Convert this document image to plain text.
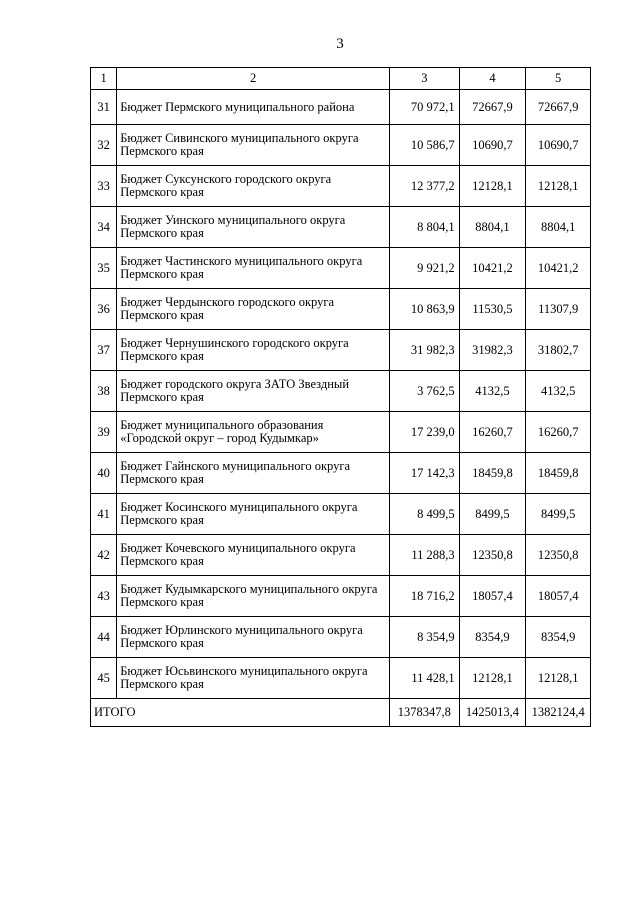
3
1	2	3	4	5
31	Бюджет Пермского муниципального района	70 972,1	72667,9	72667,9
32	Бюджет Сивинского муниципального округа Пермского края	10 586,7	10690,7	10690,7
33	Бюджет Суксунского городского округа Пермского края	12 377,2	12128,1	12128,1
34	Бюджет Уинского муниципального округа Пермского края	8 804,1	8804,1	8804,1
35	Бюджет Частинского муниципального округа Пермского края	9 921,2	10421,2	10421,2
36	Бюджет Чердынского городского округа Пермского края	10 863,9	11530,5	11307,9
37	Бюджет Чернушинского городского округа Пермского края	31 982,3	31982,3	31802,7
38	Бюджет городского округа ЗАТО Звездный Пермского края	3 762,5	4132,5	4132,5
39	Бюджет муниципального образования «Городской округ – город Кудымкар»	17 239,0	16260,7	16260,7
40	Бюджет Гайнского муниципального округа Пермского края	17 142,3	18459,8	18459,8
41	Бюджет Косинского муниципального округа Пермского края	8 499,5	8499,5	8499,5
42	Бюджет Кочевского муниципального округа Пермского края	11 288,3	12350,8	12350,8
43	Бюджет Кудымкарского муниципального округа Пермского края	18 716,2	18057,4	18057,4
44	Бюджет Юрлинского муниципального округа Пермского края	8 354,9	8354,9	8354,9
45	Бюджет Юсьвинского муниципального округа Пермского края	11 428,1	12128,1	12128,1
ИТОГО		1378347,8	1425013,4	1382124,4
